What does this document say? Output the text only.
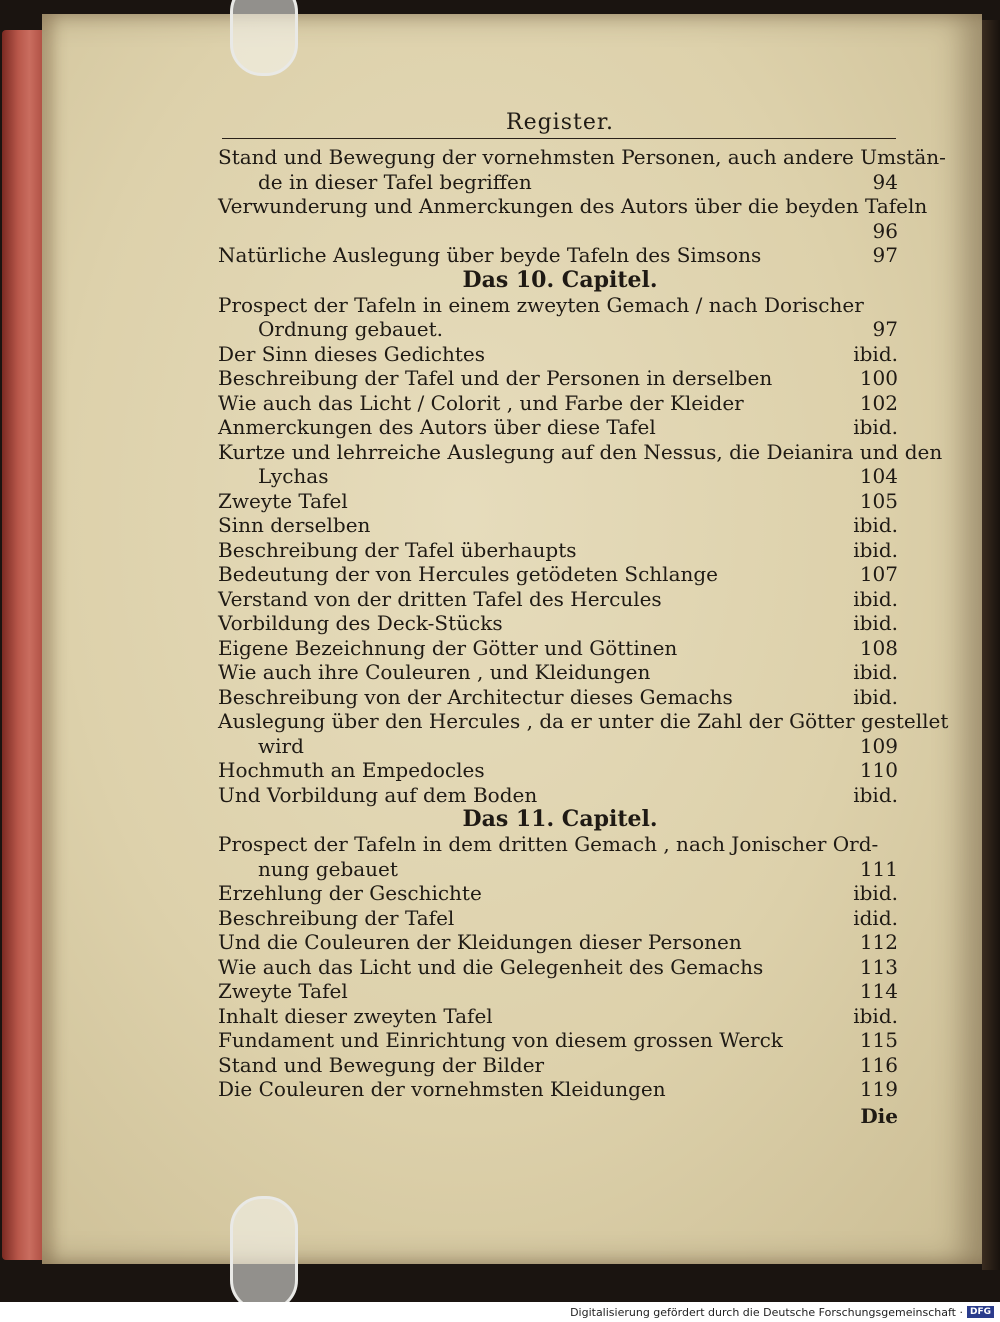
Register.
Stand und Bewegung der vornehmsten Personen, auch andere Umstän-
de in dieser Tafel begriffen	94
Verwunderung und Anmerckungen des Autors über die beyden Tafeln
96
Natürliche Auslegung über beyde Tafeln des Simsons	97
Das 10. Capitel.
Prospect der Tafeln in einem zweyten Gemach / nach Dorischer
Ordnung gebauet.	97
Der Sinn dieses Gedichtes	ibid.
Beschreibung der Tafel und der Personen in derselben	100
Wie auch das Licht / Colorit , und Farbe der Kleider	102
Anmerckungen des Autors über diese Tafel	ibid.
Kurtze und lehrreiche Auslegung auf den Nessus, die Deianira und den
Lychas	104
Zweyte Tafel	105
Sinn derselben	ibid.
Beschreibung der Tafel überhaupts	ibid.
Bedeutung der von Hercules getödeten Schlange	107
Verstand von der dritten Tafel des Hercules	ibid.
Vorbildung des Deck-Stücks	ibid.
Eigene Bezeichnung der Götter und Göttinen	108
Wie auch ihre Couleuren , und Kleidungen	ibid.
Beschreibung von der Architectur dieses Gemachs	ibid.
Auslegung über den Hercules , da er unter die Zahl der Götter gestellet
wird	109
Hochmuth an Empedocles	110
Und Vorbildung auf dem Boden	ibid.
Das 11. Capitel.
Prospect der Tafeln in dem dritten Gemach , nach Jonischer Ord-
nung gebauet	111
Erzehlung der Geschichte	ibid.
Beschreibung der Tafel	idid.
Und die Couleuren der Kleidungen dieser Personen	112
Wie auch das Licht und die Gelegenheit des Gemachs	113
Zweyte Tafel	114
Inhalt dieser zweyten Tafel	ibid.
Fundament und Einrichtung von diesem grossen Werck	115
Stand und Bewegung der Bilder	116
Die Couleuren der vornehmsten Kleidungen	119
Die
Digitalisierung gefördert durch die Deutsche Forschungsgemeinschaft · DFG
